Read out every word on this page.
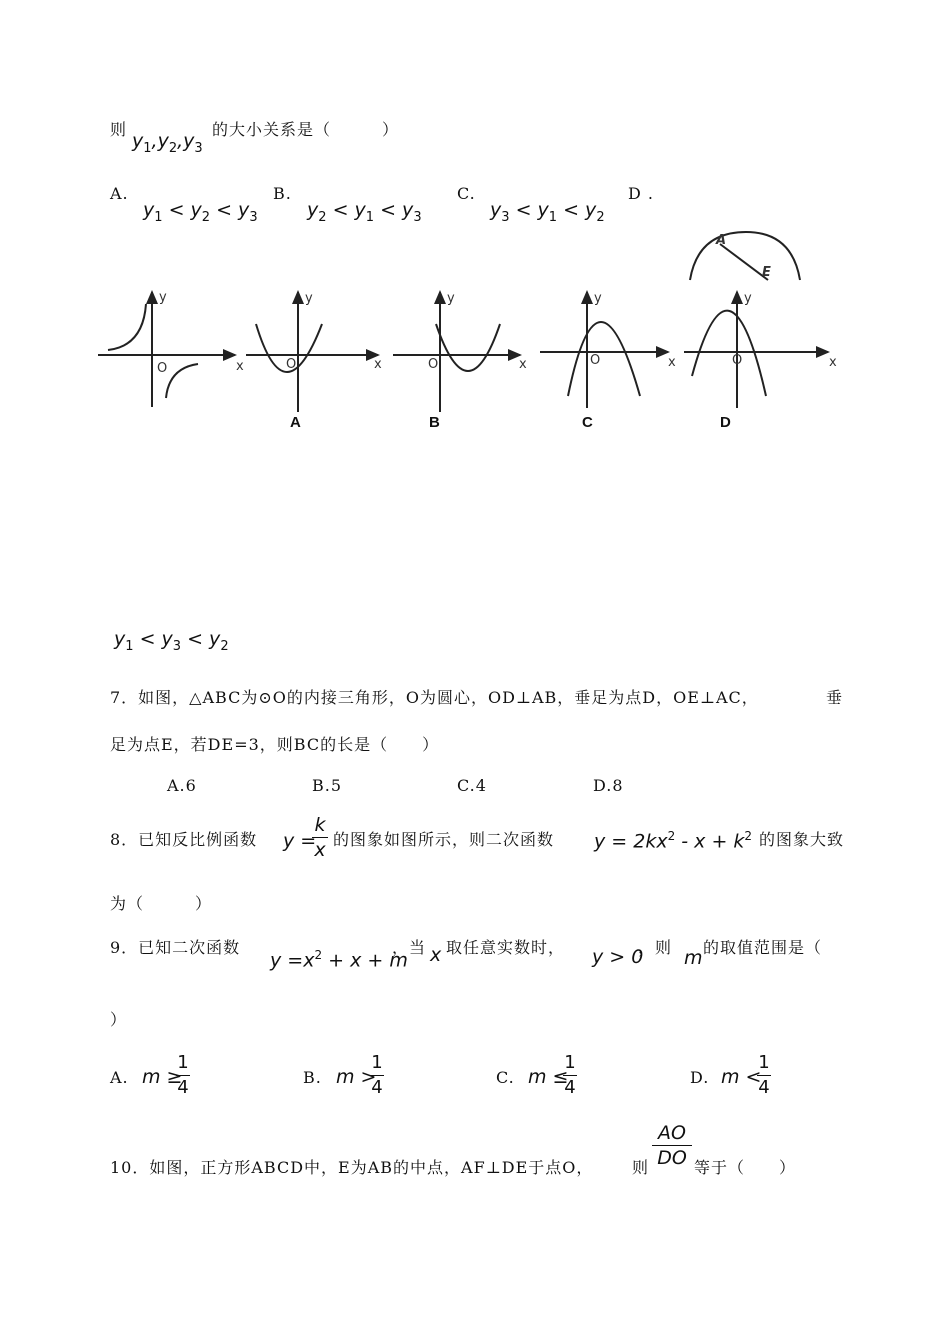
则
$y_1,y_2,y_3$
的大小关系是（　　　）
A.
$y_1 < y_2 < y_3$
B.
$y_2 < y_1 < y_3$
C.
$y_3 < y_1 < y_2$
D .
$y_1 < y_3 < y_2$
A
E
y
O	x
y
O	x
y
O	x
y
O	x
y
O	x
A	B	C	D
7．如图，△ABC为⊙O的内接三角形，O为圆心，OD⊥AB，垂足为点D，OE⊥AC，	垂
足为点E，若DE=3，则BC的长是（　　）
A.6	B.5	C.4	D.8
8．已知反比例函数 y =
k
x 的图象如图所示，则二次函数 $y = 2kx^2 - x + k^2$ 的图象大致
为（　　　）
9．已知二次函数
$y =x^2 + x + m$
，当 x 取任意实数时， y > 0
，则 m 的取值范围是（
）
A. m ≥
1
4	B. m >
1
4	C. m ≤
1
4	D. m <
1
4
10．如图，正方形ABCD中，E为AB的中点，AF⊥DE于点O， 则
AO
DO 等于（　　）
